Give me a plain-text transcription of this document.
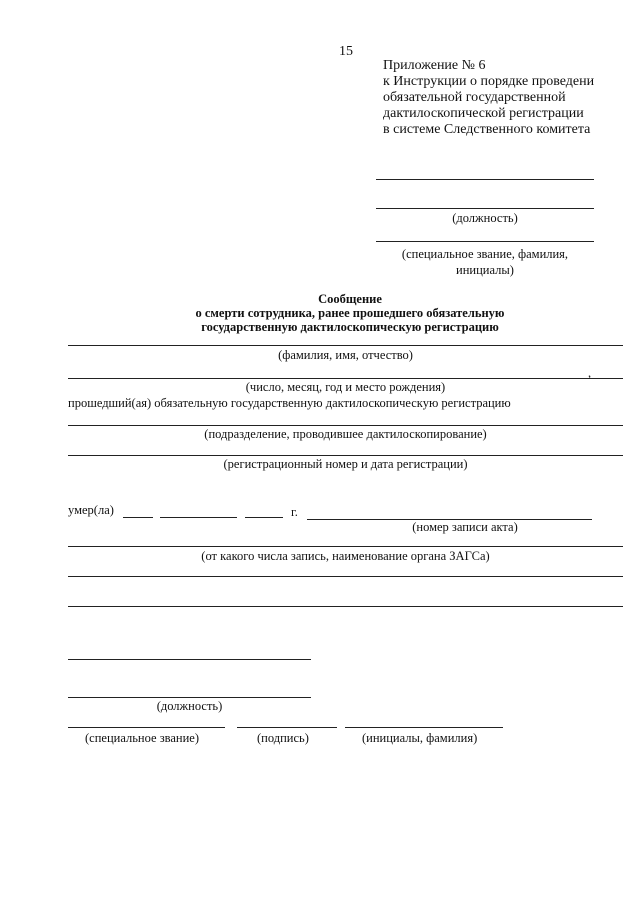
15
Приложение № 6
к Инструкции о порядке проведени
обязательной государственной
дактилоскопической регистрации
в системе Следственного комитета
(должность)
(специальное звание, фамилия,
инициалы)
Сообщение
о смерти сотрудника, ранее прошедшего обязательную
государственную дактилоскопическую регистрацию
(фамилия, имя, отчество)
,
(число, месяц, год и место рождения)
прошедший(ая) обязательную государственную дактилоскопическую регистрацию
(подразделение, проводившее дактилоскопирование)
(регистрационный номер и дата регистрации)
умер(ла)	г.
(номер записи акта)
(от какого числа запись, наименование органа ЗАГСа)
(должность)
(специальное звание)	(подпись)	(инициалы, фамилия)
